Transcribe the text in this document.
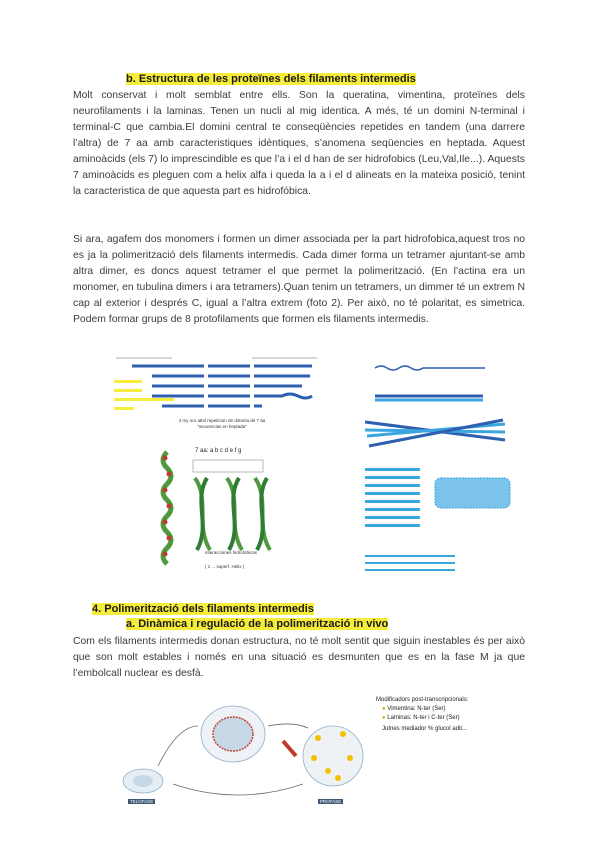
b. Estructura de les proteïnes dels filaments intermedis

Molt conservat i molt semblat entre ells. Son la queratina, vimentina, proteïnes dels neurofilaments i la laminas. Tenen un nucli al mig identica. A més, té un domini N-terminal i terminal-C que cambia.El domini central te conseqüències repetides en tandem (una darrere l’altra) de 7 aa amb caracteristiques idèntiques, s’anomena seqüencies en heptada. Aquest aminoàcids (els 7) lo imprescindible es que l’a i el d han de ser hidrofobics (Leu,Val,Ile...). Aquests 7 aminoàcids es pleguen com a helix alfa i queda la a i el d alineats en la mateixa posició, tenint la caracteristica de que aquesta part es hidrofóbica.

Si ara, agafem dos monomers i formen un dimer associada per la part hidrofobica,aquest tros no es ja la polimerització dels filaments intermedis. Cada dimer forma un tetramer ajuntant-se amb altra dimer, es doncs aquest tetramer el que permet la polimerització. (En l’actina era un monomer, en tubulina dimers i ara tetramers).Quan tenim un tetramers, un dimmer té un extrem N cap al exterior i després C, igual a l’altra extrem (foto 2). Per això, no té polaritat, es simetrica. Podem formar grups de 8 protofilaments que formen els filaments intermedis.

4 my oro attol repeticion de dimeria de 7 aa "secuencias en heptada"
7 aa: a b c d e f g
interacciones hidrofobicas
( 1 ... superf. Helix )
4. Polimerització dels filaments intermedis
a. Dinàmica i regulació de la polimerització in vivo

Com els filaments intermedis donan estructura, no té molt sentit que siguin inestables és per això que son molt estables i només en una situació es desmunten que es en la fase M ja que l’embolcall nuclear es desfà.

TELOFASE	PROFASE
Modificadors post-transcripcionals:
● Vimentina: N-ter (Ser)
● Laminas: N-ter i C-ter (Ser)
Jutnes mediador % glucol adit...
